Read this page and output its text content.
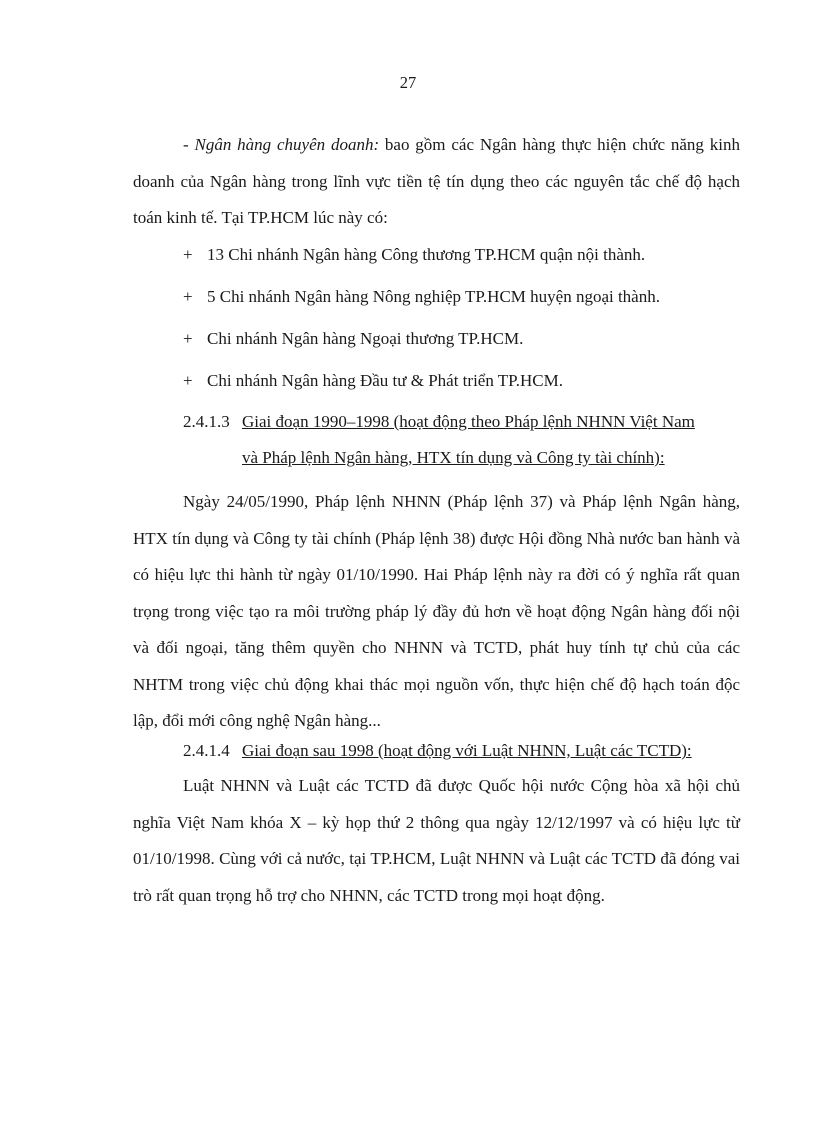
27

- Ngân hàng chuyên doanh: bao gồm các Ngân hàng thực hiện chức năng kinh doanh của Ngân hàng trong lĩnh vực tiền tệ tín dụng theo các nguyên tắc chế độ hạch toán kinh tế. Tại TP.HCM lúc này có:

+ 13 Chi nhánh Ngân hàng Công thương TP.HCM quận nội thành.
+ 5 Chi nhánh Ngân hàng Nông nghiệp TP.HCM huyện ngoại thành.
+ Chi nhánh Ngân hàng Ngoại thương TP.HCM.
+ Chi nhánh Ngân hàng Đầu tư & Phát triển TP.HCM.
2.4.1.3 Giai đoạn 1990–1998 (hoạt động theo Pháp lệnh NHNN Việt Nam
và Pháp lệnh Ngân hàng, HTX tín dụng và Công ty tài chính):

Ngày 24/05/1990, Pháp lệnh NHNN (Pháp lệnh 37) và Pháp lệnh Ngân hàng, HTX tín dụng và Công ty tài chính (Pháp lệnh 38) được Hội đồng Nhà nước ban hành và có hiệu lực thi hành từ ngày 01/10/1990. Hai Pháp lệnh này ra đời có ý nghĩa rất quan trọng trong việc tạo ra môi trường pháp lý đầy đủ hơn về hoạt động Ngân hàng đối nội và đối ngoại, tăng thêm quyền cho NHNN và TCTD, phát huy tính tự chủ của các NHTM trong việc chủ động khai thác mọi nguồn vốn, thực hiện chế độ hạch toán độc lập, đổi mới công nghệ Ngân hàng...

2.4.1.4 Giai đoạn sau 1998 (hoạt động với Luật NHNN, Luật các TCTD):

Luật NHNN và Luật các TCTD đã được Quốc hội nước Cộng hòa xã hội chủ nghĩa Việt Nam khóa X – kỳ họp thứ 2 thông qua ngày 12/12/1997 và có hiệu lực từ 01/10/1998. Cùng với cả nước, tại TP.HCM, Luật NHNN và Luật các TCTD đã đóng vai trò rất quan trọng hỗ trợ cho NHNN, các TCTD trong mọi hoạt động.
